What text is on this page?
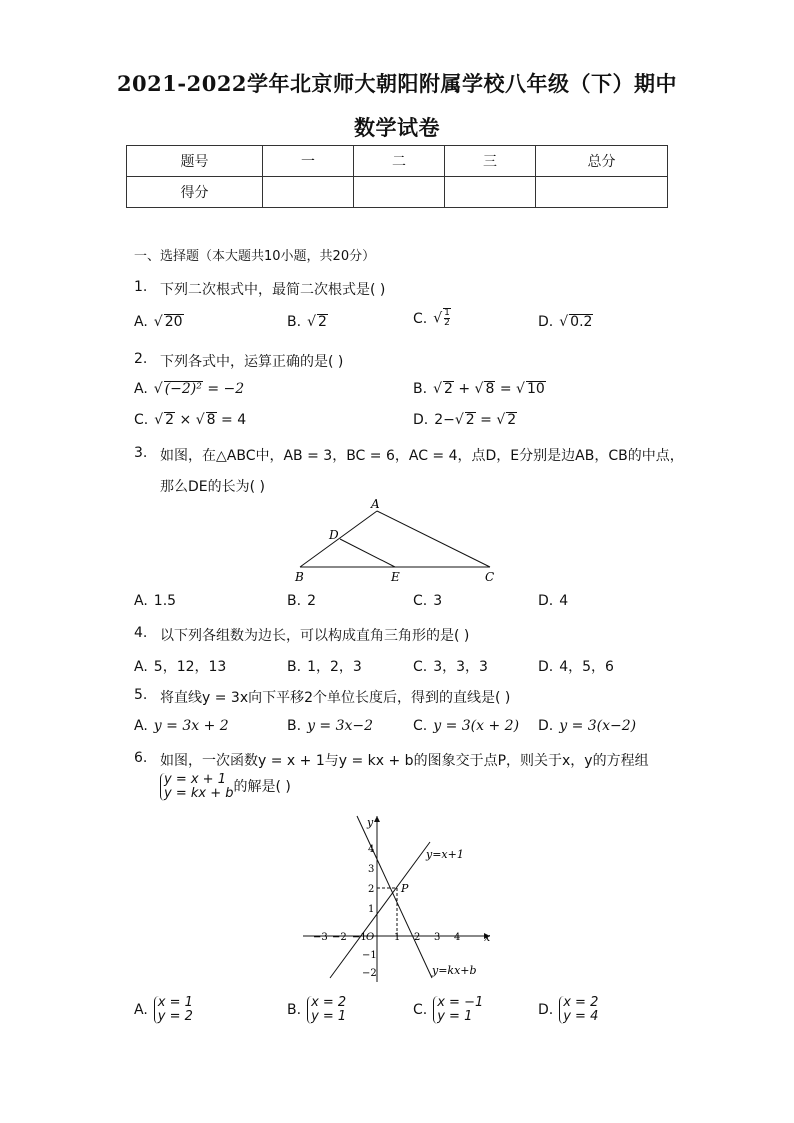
2021-2022学年北京师大朝阳附属学校八年级（下）期中
数学试卷
题号	一	二	三	总分
得分				
一、选择题（本大题共10小题，共20分）
1. 下列二次根式中，最简二次根式是( )
A. √ 20	B. √ 2	C. √ $\frac{1}{2}$	D. √ 0.2
2. 下列各式中，运算正确的是( )
A. √ (−2)² = −2	B. √ 2 + √ 8 = √ 10
C. √ 2 × √ 8 = 4	D. 2−√ 2 = √ 2
3. 如图，在△ABC中，AB = 3，BC = 6，AC = 4，点D，E分别是边AB，CB的中点，
那么DE的长为( )
A
B	C
D
E
A. 1.5	B. 2	C. 3	D. 4
4. 以下列各组数为边长，可以构成直角三角形的是( )
A. 5，12，13	B. 1，2，3	C. 3，3，3	D. 4，5，6
5. 将直线y = 3x向下平移2个单位长度后，得到的直线是( )
A. y = 3x + 2	B. y = 3x−2	C. y = 3(x + 2) D. y = 3(x−2)
6. 如图，一次函数y = x + 1与y = kx + b的图象交于点P，则关于x，y的方程组
y = x + 1
y = kx + b的解是( )
P
y=x+1
y=kx+b
x
y
O
−3 −2 −1	1 2 3 4
4
3
2
1
−1
−2
A. x = 1
y = 2	B. x = 2
y = 1	C. x = −1
y = 1	D. x = 2
y = 4
